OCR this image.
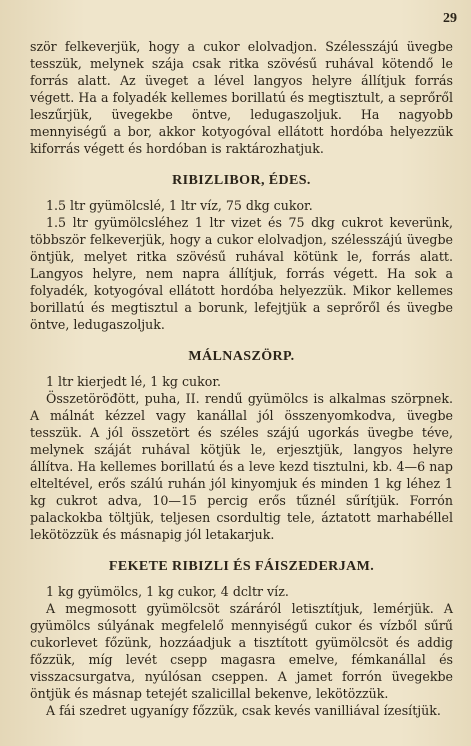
29

ször felkeverjük, hogy a cukor elolvadjon. Szélesszájú üvegbe tesszük, melynek szája csak ritka szövésű ruhával kötendő le forrás alatt. Az üveget a lével langyos helyre állítjuk forrás végett. Ha a folyadék kellemes borillatú és megtisztult, a seprőről leszűrjük, üvegekbe öntve, ledugaszoljuk. Ha nagyobb mennyiségű a bor, akkor kotyogóval ellátott hordóba helyezzük kiforrás végett és hordóban is raktározhatjuk.

RIBIZLIBOR, ÉDES.

1.5 ltr gyümölcslé, 1 ltr víz, 75 dkg cukor.

1.5 ltr gyümölcsléhez 1 ltr vizet és 75 dkg cukrot keverünk, többször felkeverjük, hogy a cukor elolvadjon, szélesszájú üvegbe öntjük, melyet ritka szövésű ruhával kötünk le, forrás alatt. Langyos helyre, nem napra állítjuk, forrás végett. Ha sok a folyadék, kotyogóval ellátott hordóba helyezzük. Mikor kellemes borillatú és megtisztul a borunk, lefejtjük a seprőről és üvegbe öntve, ledugaszoljuk.

MÁLNASZÖRP.

1 ltr kierjedt lé, 1 kg cukor.

Összetöröđött, puha, II. rendű gyümölcs is alkalmas szörpnek. A málnát kézzel vagy kanállal jól összenyomkodva, üvegbe tesszük. A jól összetört és széles szájú ugorkás üvegbe téve, melynek száját ruhával kötjük le, erjesztjük, langyos helyre állítva. Ha kellemes borillatú és a leve kezd tisztulni, kb. 4—6 nap elteltével, erős szálú ruhán jól kinyomjuk és minden 1 kg léhez 1 kg cukrot adva, 10—15 percig erős tűznél sűrítjük. Forrón palackokba töltjük, teljesen csordultig tele, áztatott marhabéllel lekötözzük és másnapig jól letakarjuk.

FEKETE RIBIZLI ÉS FÁISZEDERJAM.

1 kg gyümölcs, 1 kg cukor, 4 dcltr víz.

A megmosott gyümölcsöt száráról letisztítjuk, lemérjük. A gyümölcs súlyának megfelelő mennyiségű cukor és vízből sűrű cukorlevet főzünk, hozzáadjuk a tisztított gyümölcsöt és addig főzzük, míg levét csepp magasra emelve, fémkanállal és visszacsurgatva, nyúlósan cseppen. A jamet forrón üvegekbe öntjük és másnap tetejét szalicillal bekenve, lekötözzük.

A fái szedret ugyanígy főzzük, csak kevés vanilliával ízesítjük.
